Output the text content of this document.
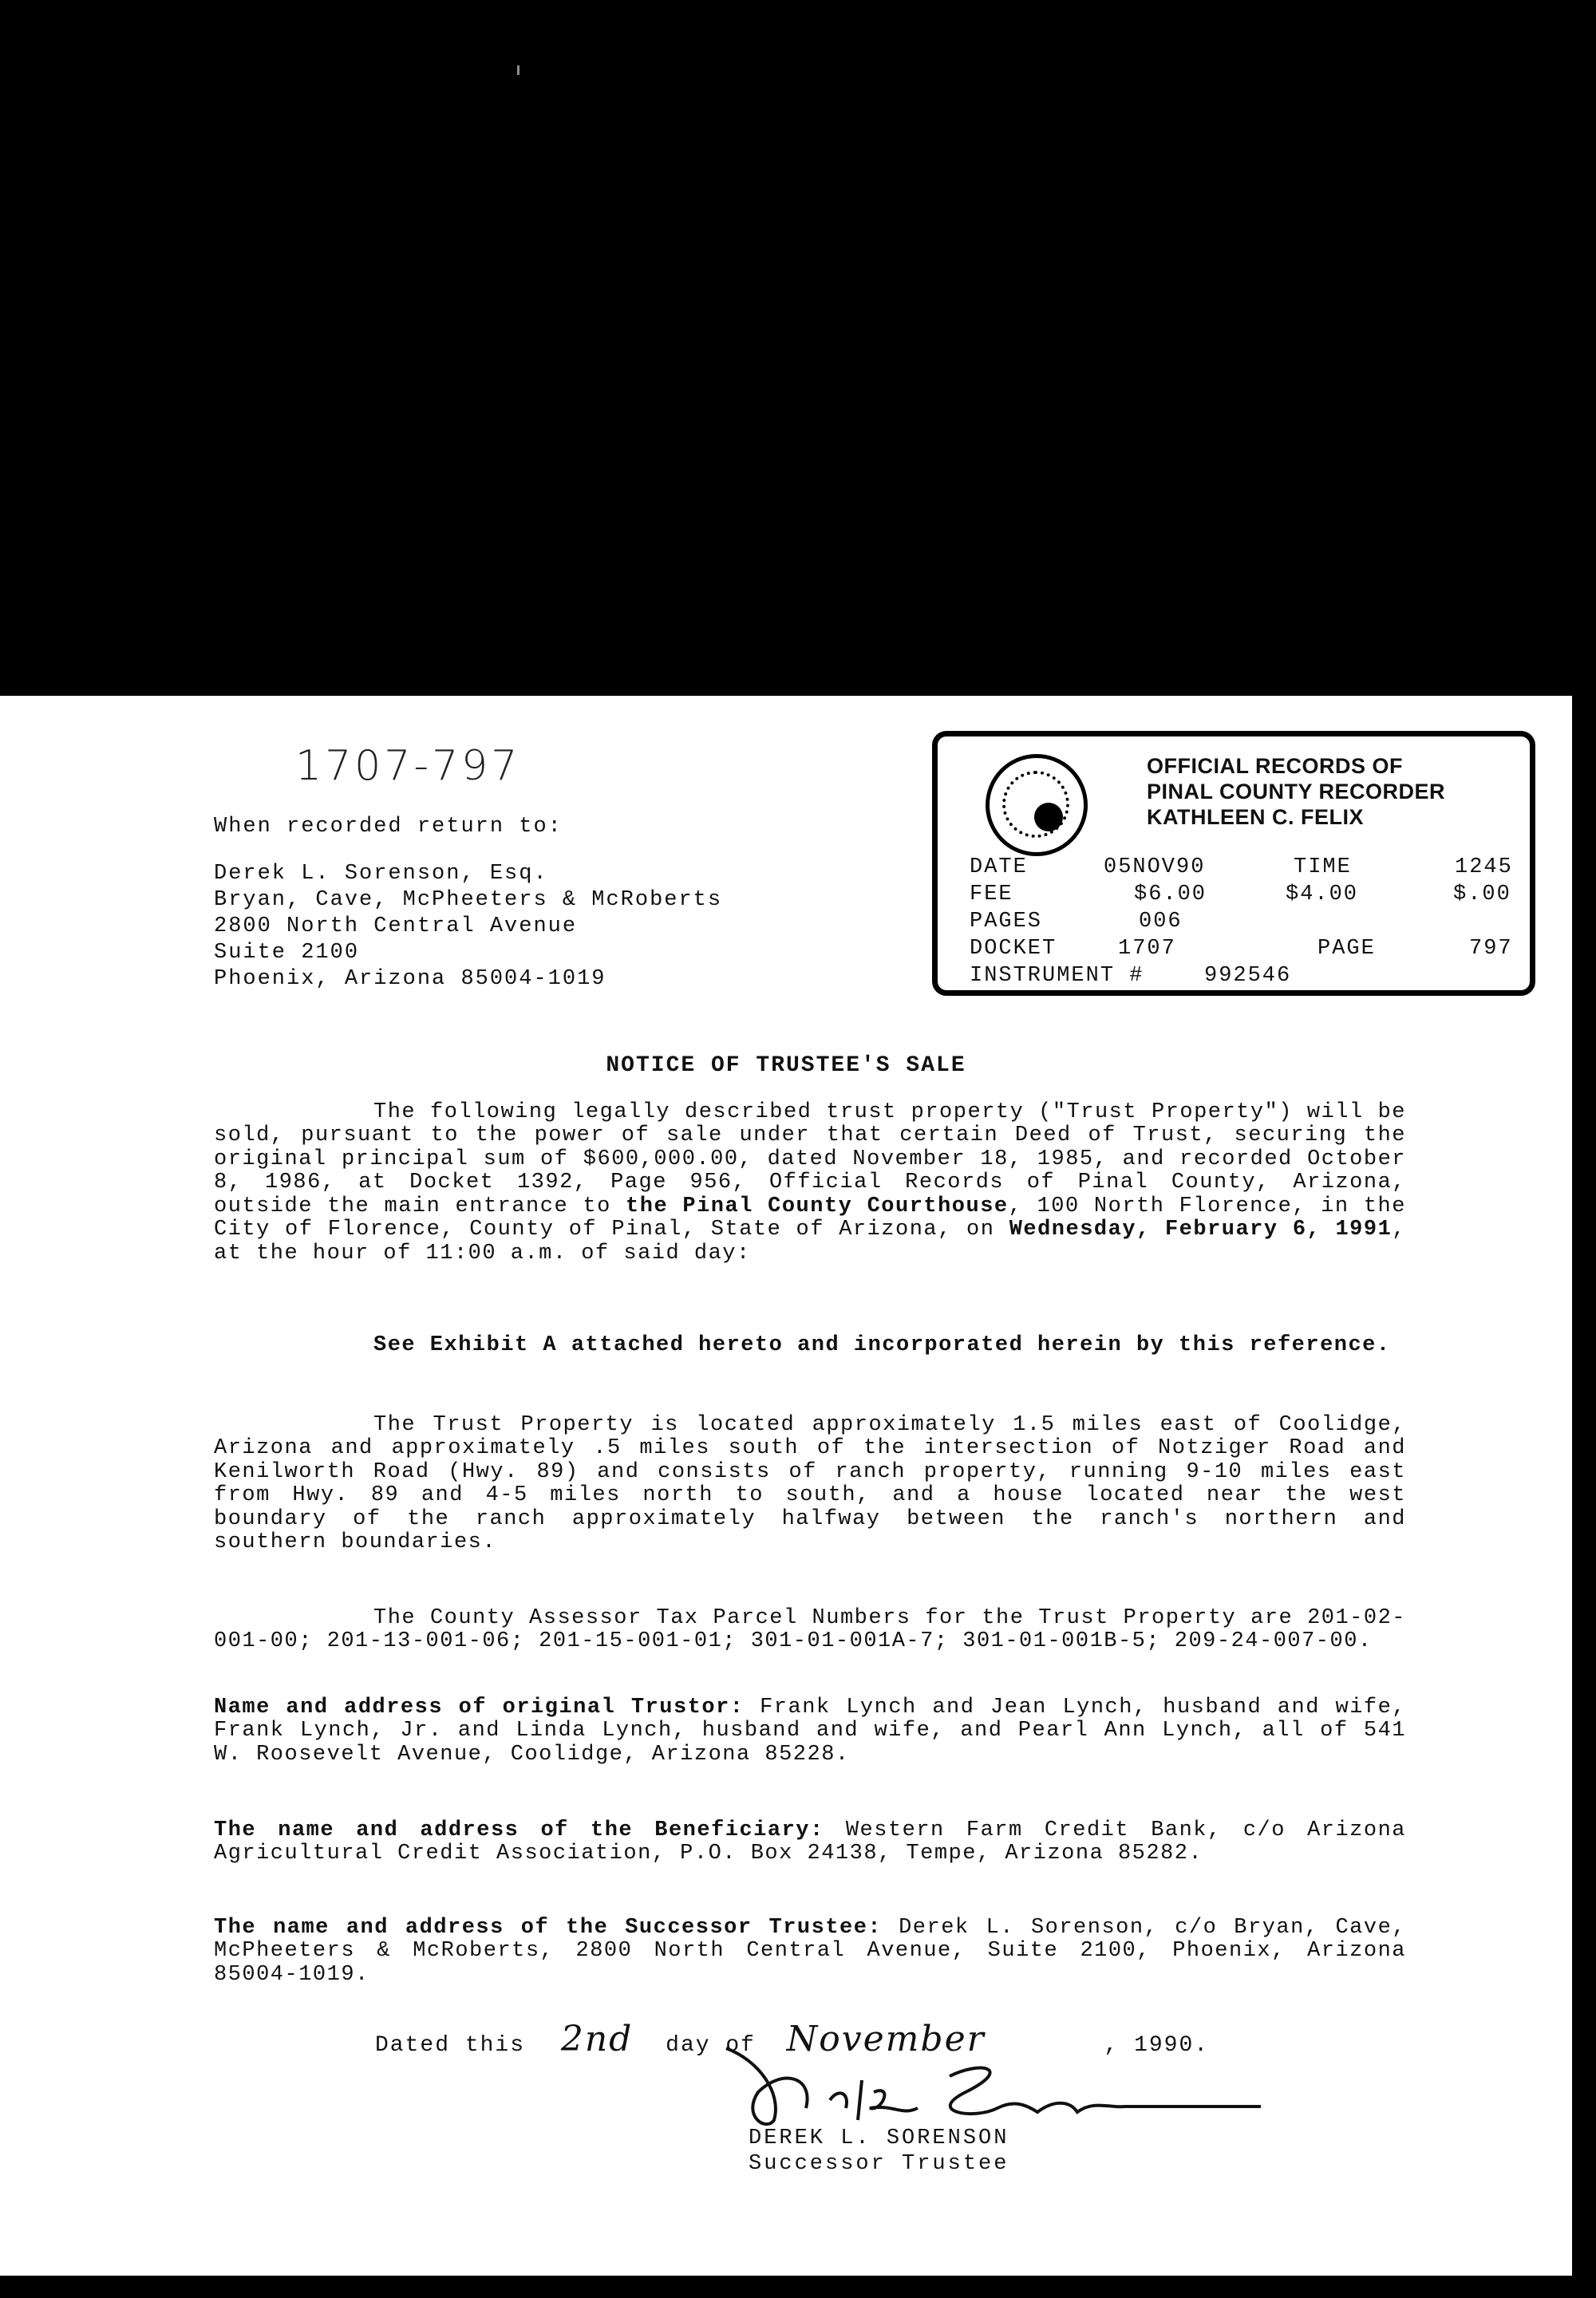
1707-797
When recorded return to:
Derek L. Sorenson, Esq.
Bryan, Cave, McPheeters & McRoberts
2800 North Central Avenue
Suite 2100
Phoenix, Arizona 85004-1019
OFFICIAL RECORDS OF
PINAL COUNTY RECORDER
KATHLEEN C. FELIX
DATE	05NOV90	TIME	1245
FEE	$6.00	$4.00	$.00
PAGES	006
DOCKET	1707	PAGE	797
INSTRUMENT #	992546
NOTICE OF TRUSTEE'S SALE
The following legally described trust property ("Trust Property") will be sold, pursuant to the power of sale under that certain Deed of Trust, securing the original principal sum of $600,000.00, dated November 18, 1985, and recorded October 8, 1986, at Docket 1392, Page 956, Official Records of Pinal County, Arizona, outside the main entrance to the Pinal County Courthouse, 100 North Florence, in the City of Florence, County of Pinal, State of Arizona, on Wednesday, February 6, 1991, at the hour of 11:00 a.m. of said day:
See Exhibit A attached hereto and incorporated herein by this reference.
The Trust Property is located approximately 1.5 miles east of Coolidge, Arizona and approximately .5 miles south of the intersection of Notziger Road and Kenilworth Road (Hwy. 89) and consists of ranch property, running 9-10 miles east from Hwy. 89 and 4-5 miles north to south, and a house located near the west boundary of the ranch approximately halfway between the ranch's northern and southern boundaries.
The County Assessor Tax Parcel Numbers for the Trust Property are 201-02-001-00; 201-13-001-06; 201-15-001-01; 301-01-001A-7; 301-01-001B-5; 209-24-007-00.
Name and address of original Trustor: Frank Lynch and Jean Lynch, husband and wife, Frank Lynch, Jr. and Linda Lynch, husband and wife, and Pearl Ann Lynch, all of 541 W. Roosevelt Avenue, Coolidge, Arizona 85228.
The name and address of the Beneficiary: Western Farm Credit Bank, c/o Arizona Agricultural Credit Association, P.O. Box 24138, Tempe, Arizona 85282.
The name and address of the Successor Trustee: Derek L. Sorenson, c/o Bryan, Cave, McPheeters & McRoberts, 2800 North Central Avenue, Suite 2100, Phoenix, Arizona 85004-1019.
Dated this 2nd day of November	, 1990.
DEREK L. SORENSON
Successor Trustee
